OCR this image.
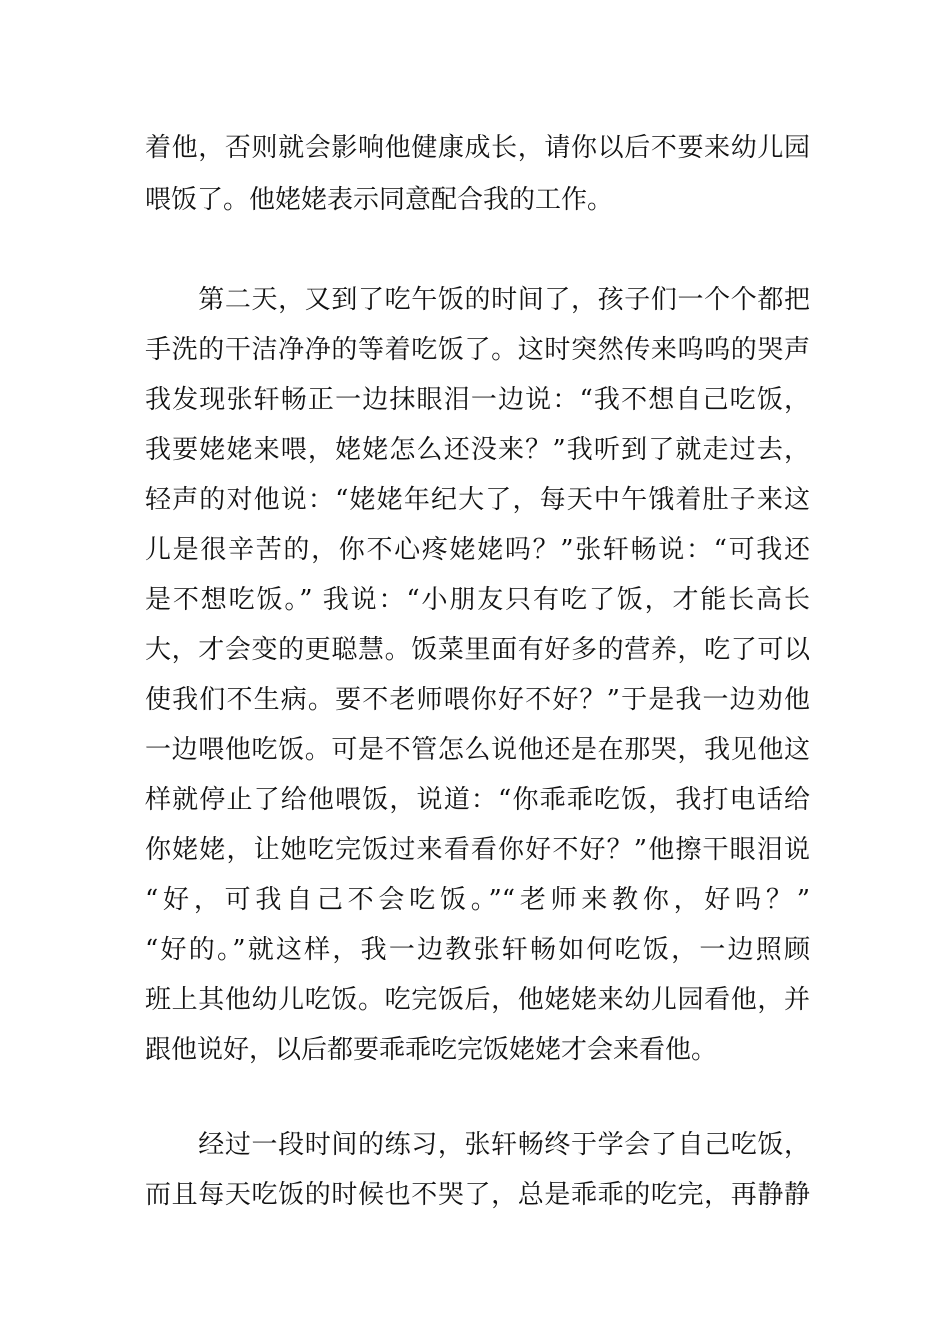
着他，否则就会影响他健康成长，请你以后不要来幼儿园
喂饭了。他姥姥表示同意配合我的工作。
　　第二天，又到了吃午饭的时间了，孩子们一个个都把
手洗的干洁净净的等着吃饭了。这时突然传来呜呜的哭声
我发现张轩畅正一边抹眼泪一边说：“我不想自己吃饭，
我要姥姥来喂，姥姥怎么还没来？”我听到了就走过去，
轻声的对他说：“姥姥年纪大了，每天中午饿着肚子来这
儿是很辛苦的，你不心疼姥姥吗？”张轩畅说：“可我还
是不想吃饭。” 我说：“小朋友只有吃了饭，才能长高长
大，才会变的更聪慧。饭菜里面有好多的营养，吃了可以
使我们不生病。要不老师喂你好不好？”于是我一边劝他
一边喂他吃饭。可是不管怎么说他还是在那哭，我见他这
样就停止了给他喂饭，说道：“你乖乖吃饭，我打电话给
你姥姥，让她吃完饭过来看看你好不好？”他擦干眼泪说
“好，可我自己不会吃饭。”“老师来教你，好吗？”
“好的。”就这样，我一边教张轩畅如何吃饭，一边照顾
班上其他幼儿吃饭。吃完饭后，他姥姥来幼儿园看他，并
跟他说好，以后都要乖乖吃完饭姥姥才会来看他。
　　经过一段时间的练习，张轩畅终于学会了自己吃饭，
而且每天吃饭的时候也不哭了，总是乖乖的吃完，再静静
